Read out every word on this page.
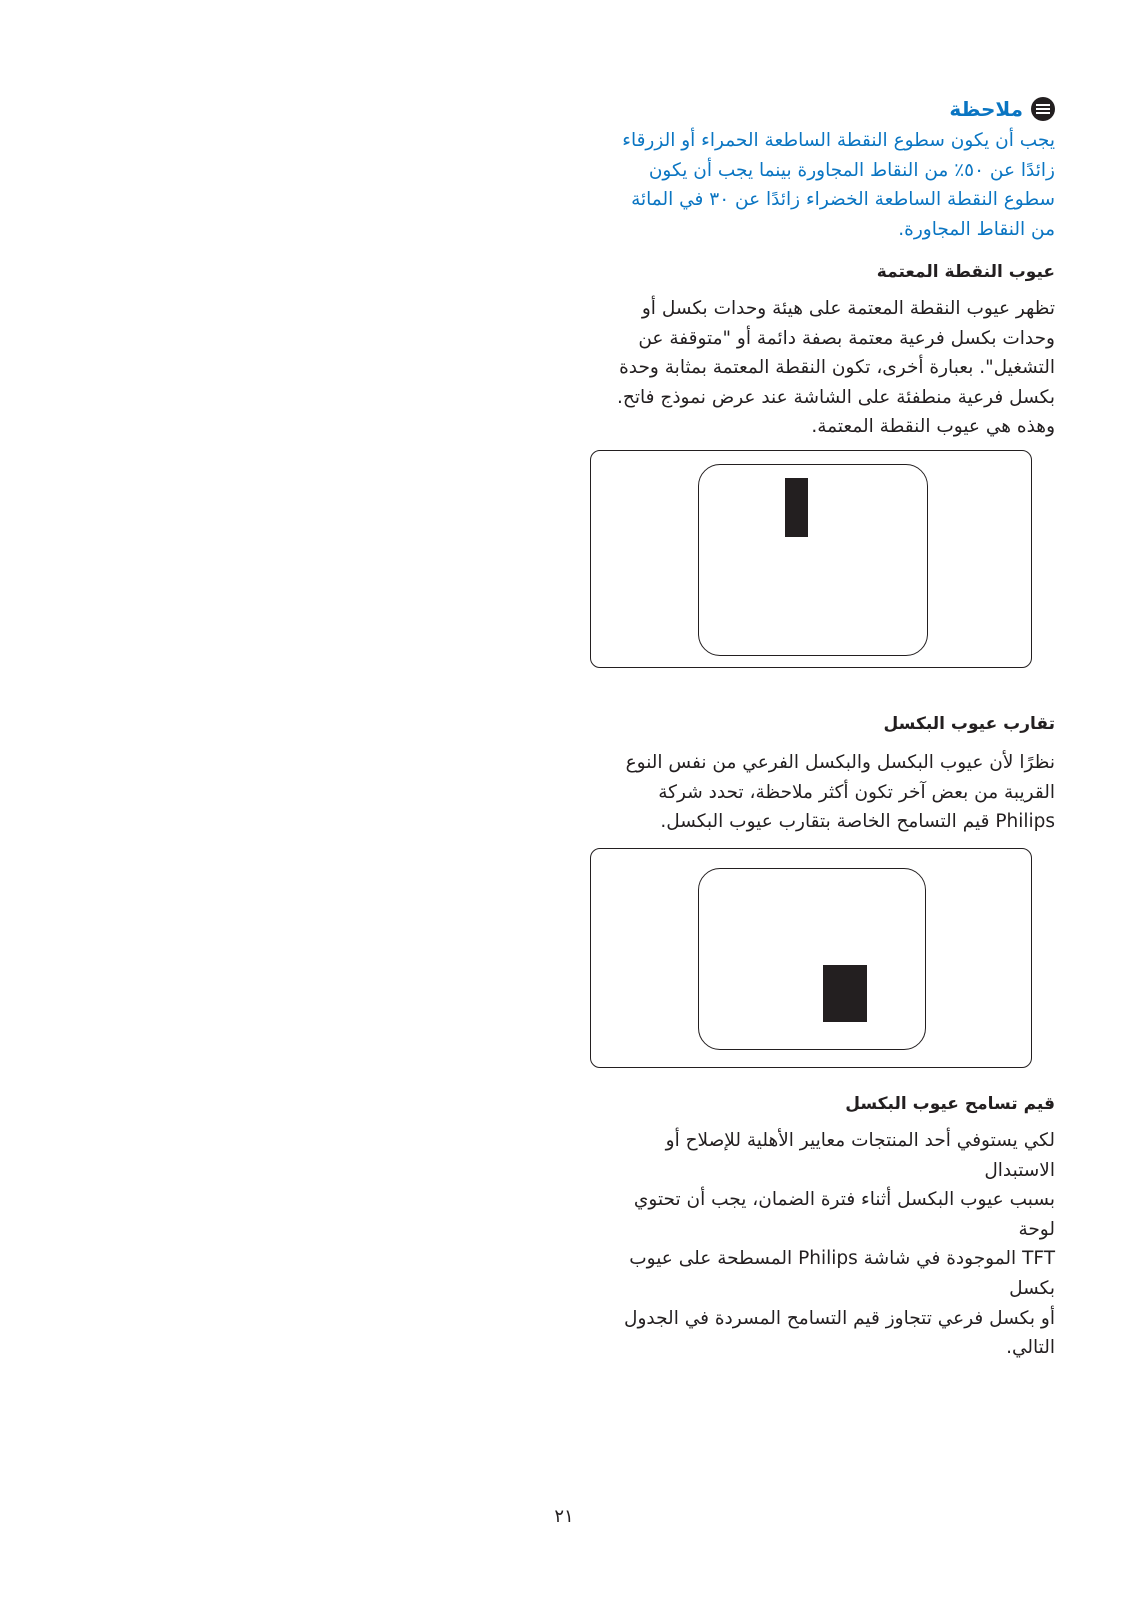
ملاحظة
يجب أن يكون سطوع النقطة الساطعة الحمراء أو الزرقاء
زائدًا عن ٥٠٪ من النقاط المجاورة بينما يجب أن يكون
سطوع النقطة الساطعة الخضراء زائدًا عن ٣٠ في المائة
من النقاط المجاورة.
عيوب النقطة المعتمة
تظهر عيوب النقطة المعتمة على هيئة وحدات بكسل أو
وحدات بكسل فرعية معتمة بصفة دائمة أو "متوقفة عن
التشغيل". بعبارة أخرى، تكون النقطة المعتمة بمثابة وحدة
بكسل فرعية منطفئة على الشاشة عند عرض نموذج فاتح.
وهذه هي عيوب النقطة المعتمة.
تقارب عيوب البكسل
نظرًا لأن عيوب البكسل والبكسل الفرعي من نفس النوع
القريبة من بعض آخر تكون أكثر ملاحظة، تحدد شركة
Philips قيم التسامح الخاصة بتقارب عيوب البكسل.
قيم تسامح عيوب البكسل
لكي يستوفي أحد المنتجات معايير الأهلية للإصلاح أو الاستبدال
بسبب عيوب البكسل أثناء فترة الضمان، يجب أن تحتوي لوحة
TFT الموجودة في شاشة Philips المسطحة على عيوب بكسل
أو بكسل فرعي تتجاوز قيم التسامح المسردة في الجدول التالي.
٢١
